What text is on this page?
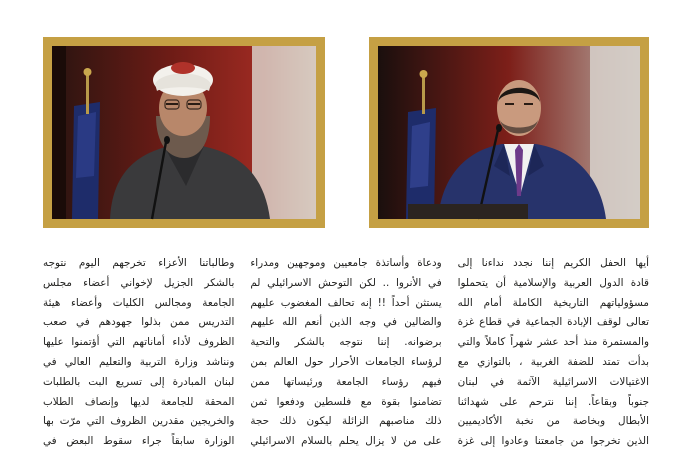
أيها الحفل الكريم إننا نجدد نداءنا إلى

قادة الدول العربية والإسلامية أن يتحملوا

مسؤولياتهم التاريخية الكاملة أمام الله

تعالى لوقف الإبادة الجماعية في قطاع غزة

والمستمرة منذ أحد عشر شهراً كاملاً والتي

بدأت تمتد للضفة الغربية ، بالتوازي مع

الاغتيالات الاسرائيلية الآثمة في لبنان

جنوباً وبقاعاً. إننا نترحم على شهدائنا

الأبطال وبخاصة من نخبة الأكاديميين

الذين تخرجوا من جامعتنا وعادوا إلى غزة

ودعاة وأساتذة جامعيين وموجهين ومدراء

في الأنروا .. لكن التوحش الاسرائيلي لم

يستثن أحداً !! إنه تحالف المغضوب عليهم

والضالين في وجه الذين أنعم الله عليهم

برضوانه. إننا نتوجه بالشكر والتحية

لرؤساء الجامعات الأحرار حول العالم بمن

فيهم رؤساء الجامعة ورئيساتها ممن

تضامنوا بقوة مع فلسطين ودفعوا ثمن

ذلك مناصبهم الزائلة ليكون ذلك حجة

على من لا يزال يحلم بالسلام الاسرائيلي

وطالباتنا الأعزاء تخرجهم اليوم نتوجه

بالشكر الجزيل لإخواني أعضاء مجلس

الجامعة ومجالس الكليات وأعضاء هيئة

التدريس ممن بذلوا جهودهم في صعب

الظروف لأداء أماناتهم التي أؤتمنوا عليها

ونناشد وزارة التربية والتعليم العالي في

لبنان المبادرة إلى تسريع البت بالطلبات

المحقة للجامعة لديها وإنصاف الطلاب

والخريجين مقدرين الظروف التي مرّت بها

الوزارة سابقاً جراء سقوط البعض في
